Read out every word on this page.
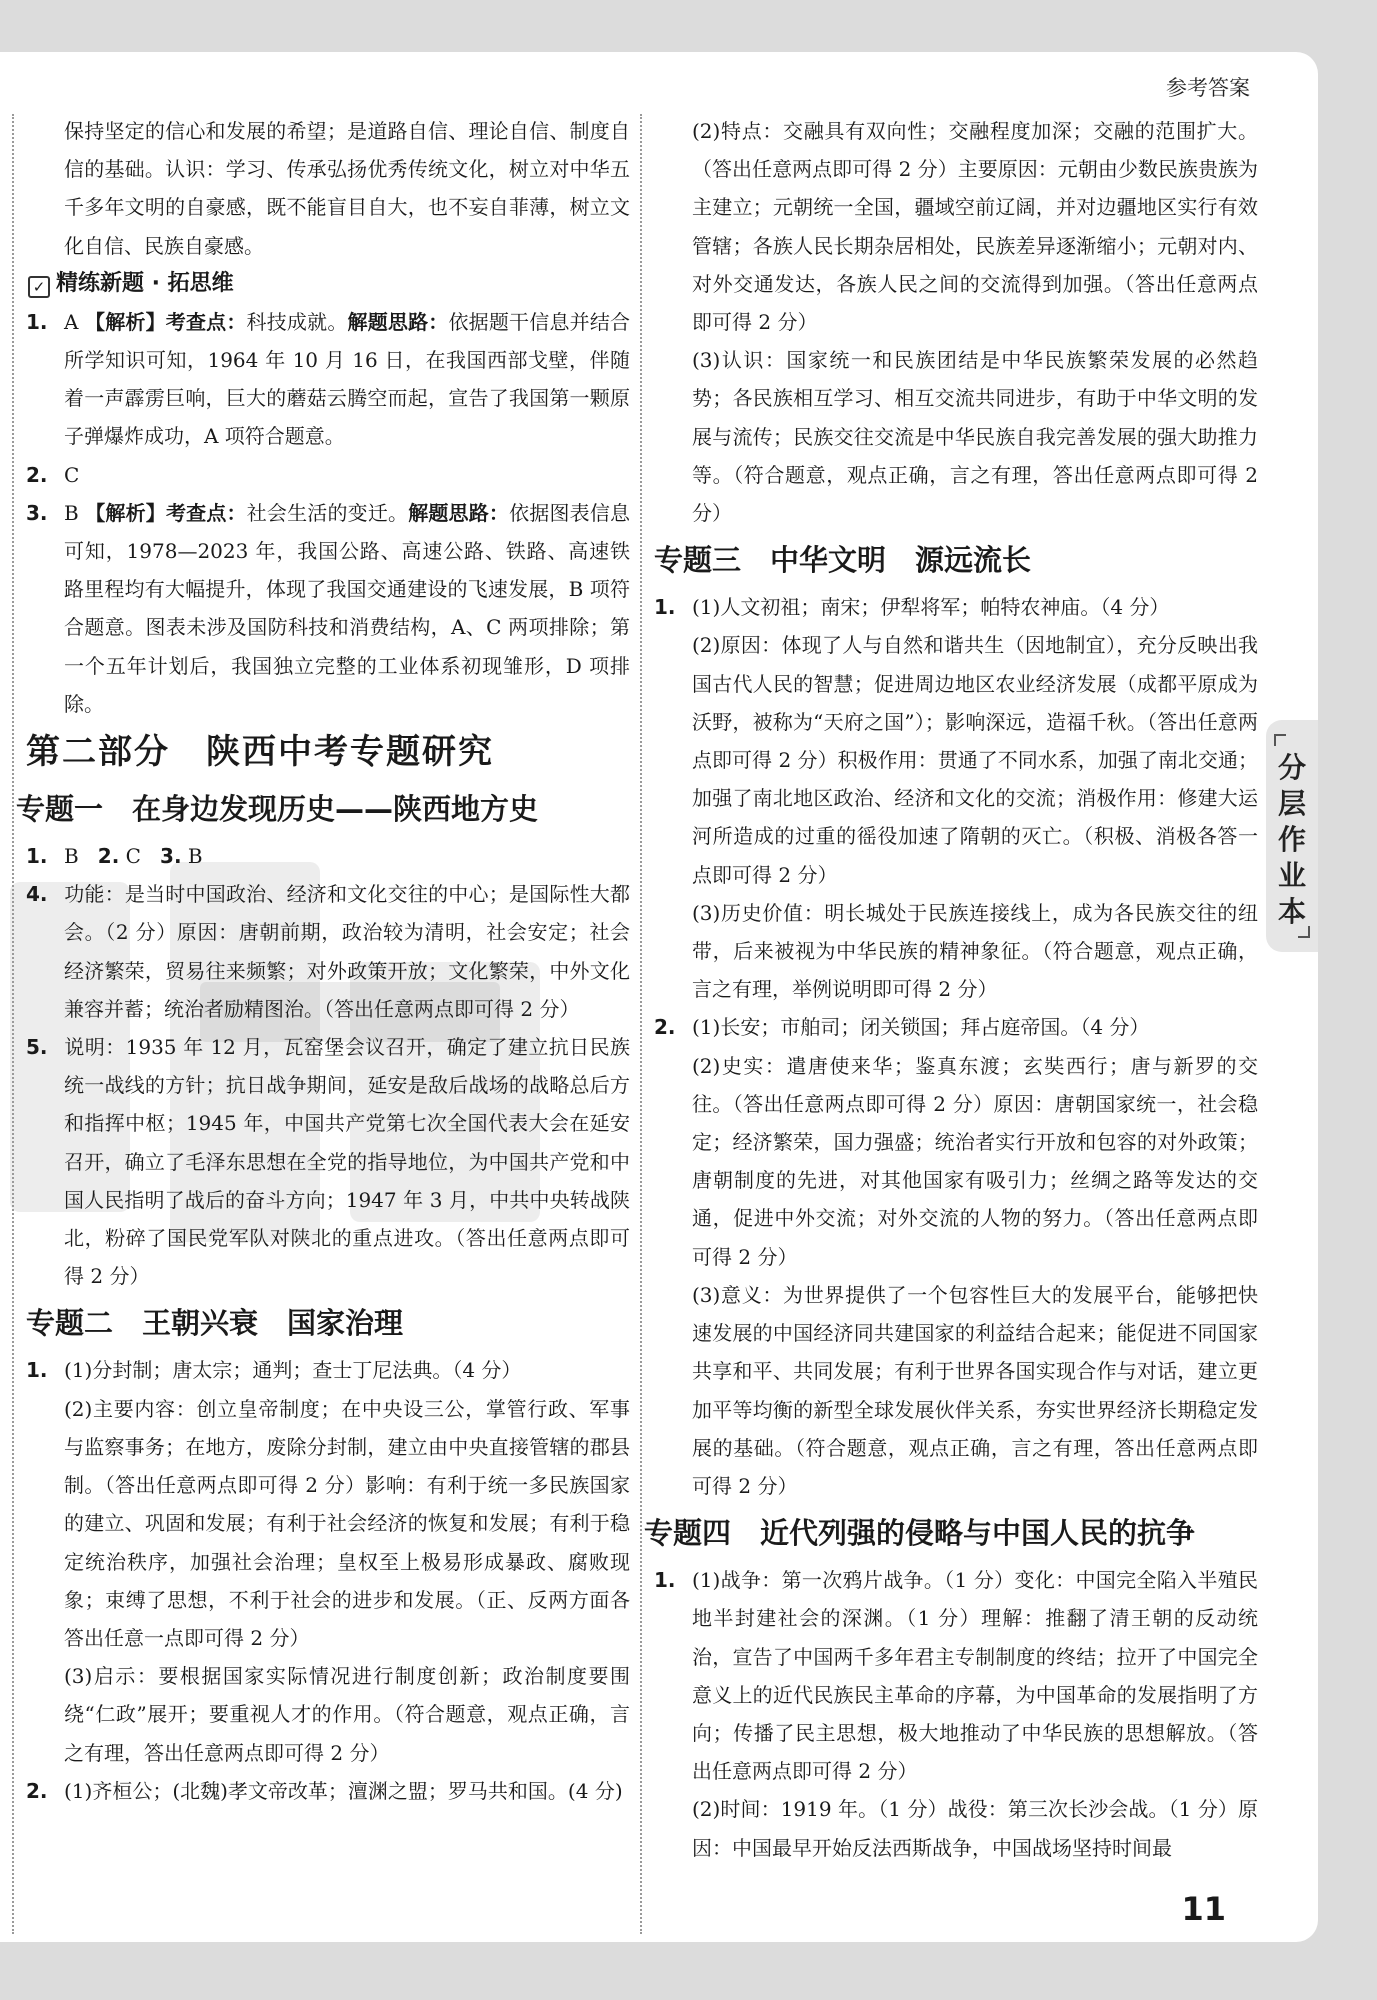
参考答案

保持坚定的信心和发展的希望；是道路自信、理论自信、制度自信的基础。认识：学习、传承弘扬优秀传统文化，树立对中华五千多年文明的自豪感，既不能盲目自大，也不妄自菲薄，树立文化自信、民族自豪感。

✓ 精练新题 · 拓思维

1. A 【解析】考查点：科技成就。解题思路：依据题干信息并结合所学知识可知，1964 年 10 月 16 日，在我国西部戈壁，伴随着一声霹雳巨响，巨大的蘑菇云腾空而起，宣告了我国第一颗原子弹爆炸成功，A 项符合题意。

2. C

3. B 【解析】考查点：社会生活的变迁。解题思路：依据图表信息可知，1978—2023 年，我国公路、高速公路、铁路、高速铁路里程均有大幅提升，体现了我国交通建设的飞速发展，B 项符合题意。图表未涉及国防科技和消费结构，A、C 两项排除；第一个五年计划后，我国独立完整的工业体系初现雏形，D 项排除。

第二部分　陕西中考专题研究

专题一　在身边发现历史——陕西地方史

1. B 2. C 3. B

4. 功能：是当时中国政治、经济和文化交往的中心；是国际性大都会。（2 分）原因：唐朝前期，政治较为清明，社会安定；社会经济繁荣，贸易往来频繁；对外政策开放；文化繁荣，中外文化兼容并蓄；统治者励精图治。（答出任意两点即可得 2 分）

5. 说明：1935 年 12 月，瓦窑堡会议召开，确定了建立抗日民族统一战线的方针；抗日战争期间，延安是敌后战场的战略总后方和指挥中枢；1945 年，中国共产党第七次全国代表大会在延安召开，确立了毛泽东思想在全党的指导地位，为中国共产党和中国人民指明了战后的奋斗方向；1947 年 3 月，中共中央转战陕北，粉碎了国民党军队对陕北的重点进攻。（答出任意两点即可得 2 分）

专题二　王朝兴衰　国家治理

1. (1)分封制；唐太宗；通判；查士丁尼法典。（4 分）

(2)主要内容：创立皇帝制度；在中央设三公，掌管行政、军事与监察事务；在地方，废除分封制，建立由中央直接管辖的郡县制。（答出任意两点即可得 2 分）影响：有利于统一多民族国家的建立、巩固和发展；有利于社会经济的恢复和发展；有利于稳定统治秩序，加强社会治理；皇权至上极易形成暴政、腐败现象；束缚了思想，不利于社会的进步和发展。（正、反两方面各答出任意一点即可得 2 分）

(3)启示：要根据国家实际情况进行制度创新；政治制度要围绕“仁政”展开；要重视人才的作用。（符合题意，观点正确，言之有理，答出任意两点即可得 2 分）

2. (1)齐桓公；(北魏)孝文帝改革；澶渊之盟；罗马共和国。(4 分)

(2)特点：交融具有双向性；交融程度加深；交融的范围扩大。（答出任意两点即可得 2 分）主要原因：元朝由少数民族贵族为主建立；元朝统一全国，疆域空前辽阔，并对边疆地区实行有效管辖；各族人民长期杂居相处，民族差异逐渐缩小；元朝对内、对外交通发达，各族人民之间的交流得到加强。（答出任意两点即可得 2 分）

(3)认识：国家统一和民族团结是中华民族繁荣发展的必然趋势；各民族相互学习、相互交流共同进步，有助于中华文明的发展与流传；民族交往交流是中华民族自我完善发展的强大助推力等。（符合题意，观点正确，言之有理，答出任意两点即可得 2 分）

专题三　中华文明　源远流长

1. (1)人文初祖；南宋；伊犁将军；帕特农神庙。（4 分）

(2)原因：体现了人与自然和谐共生（因地制宜），充分反映出我国古代人民的智慧；促进周边地区农业经济发展（成都平原成为沃野，被称为“天府之国”）；影响深远，造福千秋。（答出任意两点即可得 2 分）积极作用：贯通了不同水系，加强了南北交通；加强了南北地区政治、经济和文化的交流；消极作用：修建大运河所造成的过重的徭役加速了隋朝的灭亡。（积极、消极各答一点即可得 2 分）

(3)历史价值：明长城处于民族连接线上，成为各民族交往的纽带，后来被视为中华民族的精神象征。（符合题意，观点正确，言之有理，举例说明即可得 2 分）

2. (1)长安；市舶司；闭关锁国；拜占庭帝国。（4 分）

(2)史实：遣唐使来华；鉴真东渡；玄奘西行；唐与新罗的交往。（答出任意两点即可得 2 分）原因：唐朝国家统一，社会稳定；经济繁荣，国力强盛；统治者实行开放和包容的对外政策；唐朝制度的先进，对其他国家有吸引力；丝绸之路等发达的交通，促进中外交流；对外交流的人物的努力。（答出任意两点即可得 2 分）

(3)意义：为世界提供了一个包容性巨大的发展平台，能够把快速发展的中国经济同共建国家的利益结合起来；能促进不同国家共享和平、共同发展；有利于世界各国实现合作与对话，建立更加平等均衡的新型全球发展伙伴关系，夯实世界经济长期稳定发展的基础。（符合题意，观点正确，言之有理，答出任意两点即可得 2 分）

专题四　近代列强的侵略与中国人民的抗争

1. (1)战争：第一次鸦片战争。（1 分）变化：中国完全陷入半殖民地半封建社会的深渊。（1 分）理解：推翻了清王朝的反动统治，宣告了中国两千多年君主专制制度的终结；拉开了中国完全意义上的近代民族民主革命的序幕，为中国革命的发展指明了方向；传播了民主思想，极大地推动了中华民族的思想解放。（答出任意两点即可得 2 分）

(2)时间：1919 年。（1 分）战役：第三次长沙会战。（1 分）原因：中国最早开始反法西斯战争，中国战场坚持时间最

分层作业本
11
